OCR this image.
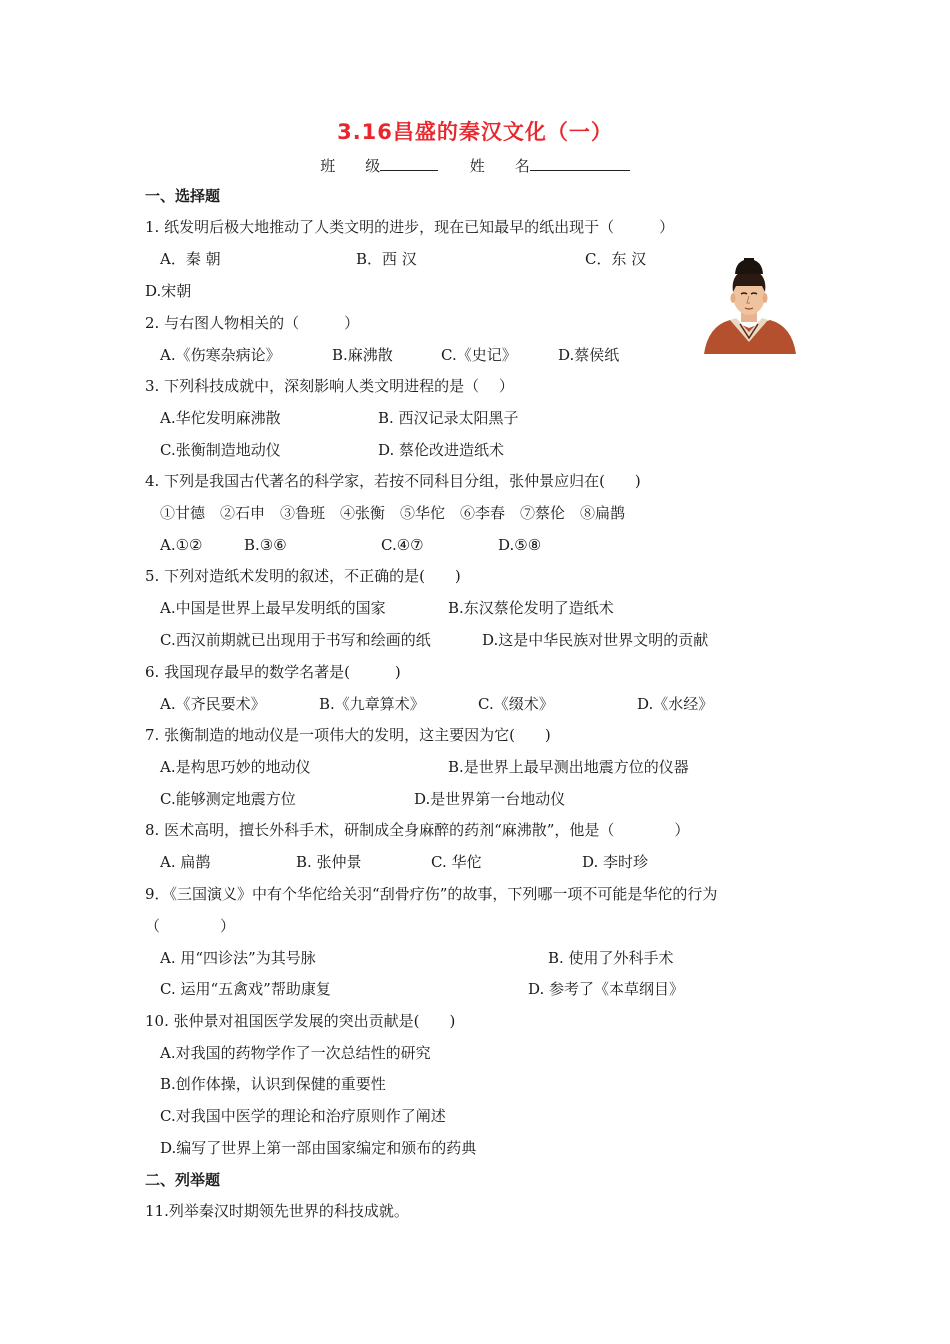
3.16昌盛的秦汉文化（一）
班　　级	姓　　名
一、选择题
1. 纸发明后极大地推动了人类文明的进步，现在已知最早的纸出现于（　　　）
A．秦 朝	B．西 汉	C．东 汉
D.宋朝
2. 与右图人物相关的（　　　）
A.《伤寒杂病论》	B.麻沸散	C.《史记》	D.蔡侯纸
3. 下列科技成就中，深刻影响人类文明进程的是（　 ）
A.华佗发明麻沸散	B. 西汉记录太阳黑子
C.张衡制造地动仪	D. 蔡伦改进造纸术
4. 下列是我国古代著名的科学家，若按不同科目分组，张仲景应归在(　　)
①甘德　②石申　③鲁班　④张衡　⑤华佗　⑥李春　⑦蔡伦　⑧扁鹊
A.①②	B.③⑥	C.④⑦	D.⑤⑧
5. 下列对造纸术发明的叙述，不正确的是(　　)
A.中国是世界上最早发明纸的国家	B.东汉蔡伦发明了造纸术
C.西汉前期就已出现用于书写和绘画的纸	D.这是中华民族对世界文明的贡献
6. 我国现存最早的数学名著是(　　　)
A.《齐民要术》	B.《九章算术》	C.《缀术》	D.《水经》
7. 张衡制造的地动仪是一项伟大的发明，这主要因为它(　　)
A.是构思巧妙的地动仪	B.是世界上最早测出地震方位的仪器
C.能够测定地震方位	D.是世界第一台地动仪
8. 医术高明，擅长外科手术，研制成全身麻醉的药剂“麻沸散”，他是（　　　　）
A. 扁鹊	B. 张仲景	C. 华佗	D. 李时珍
9．《三国演义》中有个华佗给关羽“刮骨疗伤”的故事，下列哪一项不可能是华佗的行为
（　　　　）
A. 用“四诊法”为其号脉	B. 使用了外科手术
C. 运用“五禽戏”帮助康复	D. 参考了《本草纲目》
10. 张仲景对祖国医学发展的突出贡献是(　　)
A.对我国的药物学作了一次总结性的研究
B.创作体操，认识到保健的重要性
C.对我国中医学的理论和治疗原则作了阐述
D.编写了世界上第一部由国家编定和颁布的药典
二、列举题
11.列举秦汉时期领先世界的科技成就。
